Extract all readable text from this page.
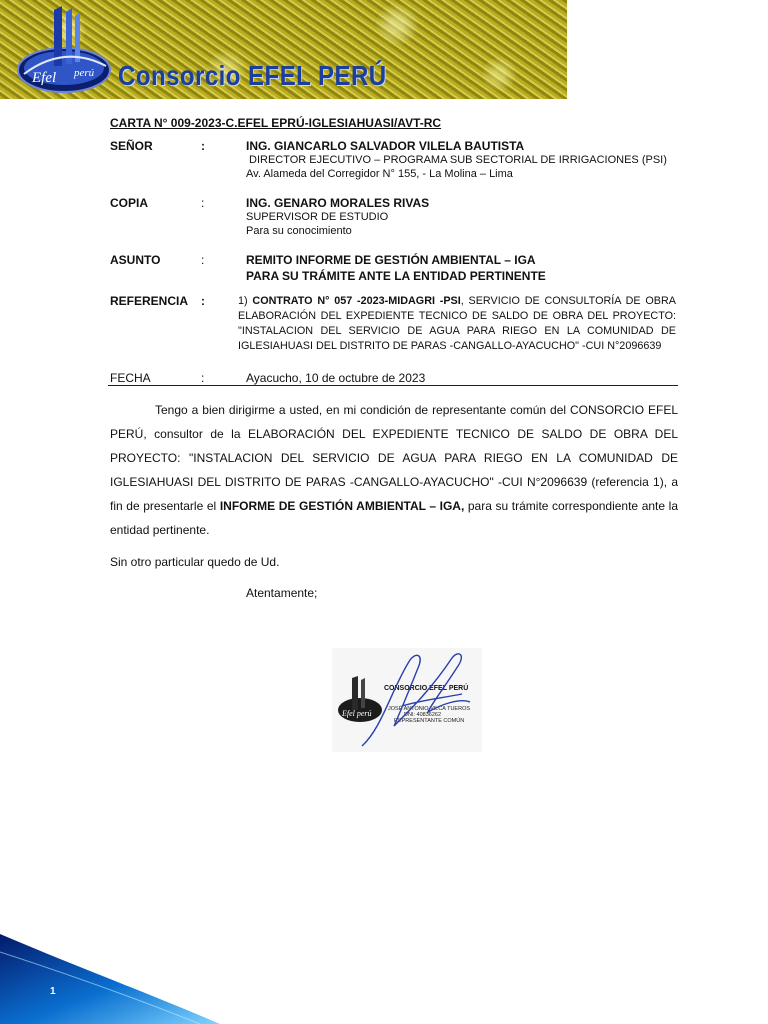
Efel perú Consorcio EFEL PERÚ
CARTA N° 009-2023-C.EFEL EPRÚ-IGLESIAHUASI/AVT-RC
SEÑOR	:	ING. GIANCARLO SALVADOR VILELA BAUTISTA
DIRECTOR EJECUTIVO – PROGRAMA SUB SECTORIAL DE IRRIGACIONES (PSI)
Av. Alameda del Corregidor N° 155, - La Molina – Lima
COPIA	:	ING. GENARO MORALES RIVAS
SUPERVISOR DE ESTUDIO
Para su conocimiento
ASUNTO	:	REMITO INFORME DE GESTIÓN AMBIENTAL – IGA
PARA SU TRÁMITE ANTE LA ENTIDAD PERTINENTE
REFERENCIA :	1) CONTRATO N° 057 -2023-MIDAGRI -PSI, SERVICIO DE CONSULTORÍA DE OBRA ELABORACIÓN DEL EXPEDIENTE TECNICO DE SALDO DE OBRA DEL PROYECTO: "INSTALACION DEL SERVICIO DE AGUA PARA RIEGO EN LA COMUNIDAD DE IGLESIAHUASI DEL DISTRITO DE PARAS -CANGALLO-AYACUCHO" -CUI N°2096639
FECHA	:	Ayacucho, 10 de octubre de 2023
Tengo a bien dirigirme a usted, en mi condición de representante común del CONSORCIO EFEL PERÚ, consultor de la ELABORACIÓN DEL EXPEDIENTE TECNICO DE SALDO DE OBRA DEL PROYECTO: "INSTALACION DEL SERVICIO DE AGUA PARA RIEGO EN LA COMUNIDAD DE IGLESIAHUASI DEL DISTRITO DE PARAS -CANGALLO-AYACUCHO" -CUI N°2096639 (referencia 1), a fin de presentarle el INFORME DE GESTIÓN AMBIENTAL – IGA, para su trámite correspondiente ante la entidad pertinente.
Sin otro particular quedo de Ud.
Atentamente;
Efel perú
CONSORCIO EFEL PERÚ
JOSÉ ANTONIO VILCA TUEROS
DNI: 40836262
REPRESENTANTE COMÚN
1
